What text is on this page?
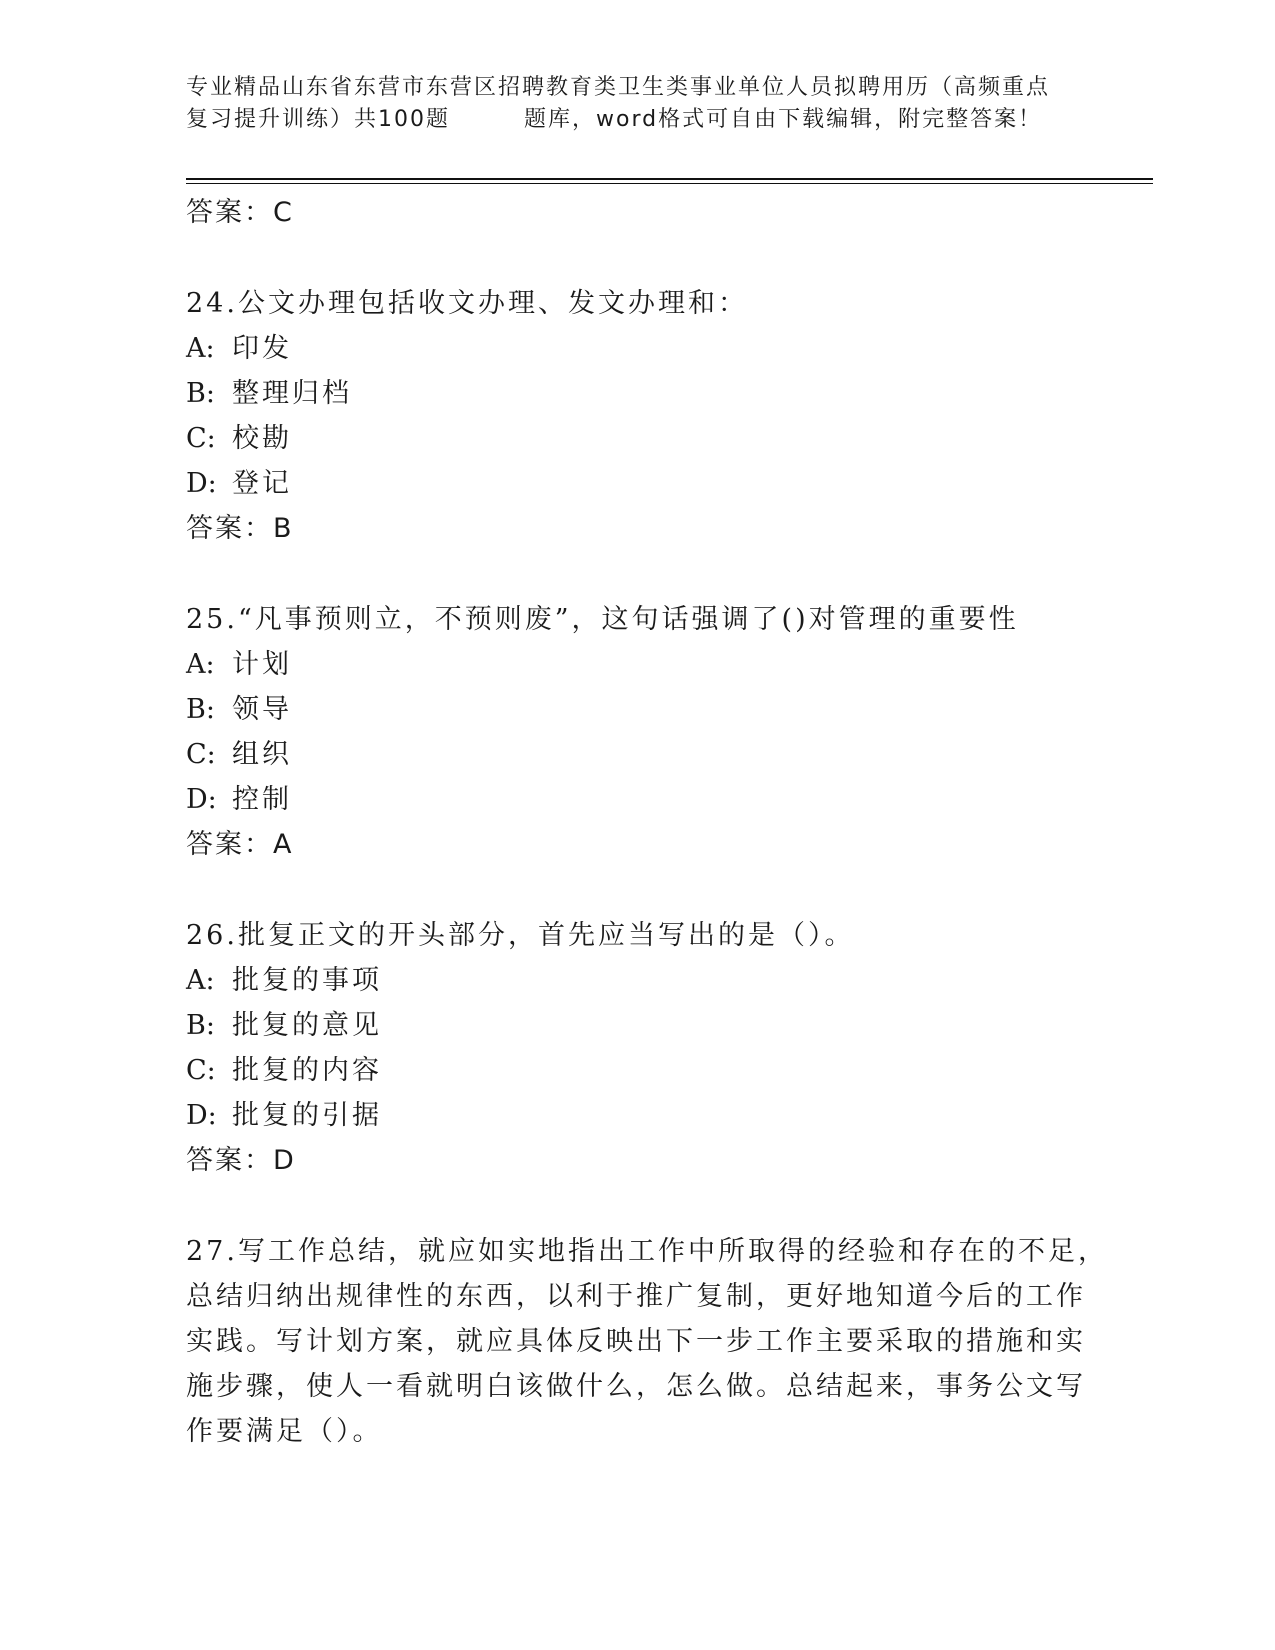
专业精品山东省东营市东营区招聘教育类卫生类事业单位人员拟聘用历（高频重点
复习提升训练）共100题	题库，word格式可自由下载编辑，附完整答案！
答案：C
24.公文办理包括收文办理、发文办理和：
A: 印发
B: 整理归档
C: 校勘
D: 登记
答案：B
25.“凡事预则立，不预则废”，这句话强调了()对管理的重要性
A: 计划
B: 领导
C: 组织
D: 控制
答案：A
26.批复正文的开头部分，首先应当写出的是（）。
A: 批复的事项
B: 批复的意见
C: 批复的内容
D: 批复的引据
答案：D
27.写工作总结，就应如实地指出工作中所取得的经验和存在的不足，
总结归纳出规律性的东西，以利于推广复制，更好地知道今后的工作
实践。写计划方案，就应具体反映出下一步工作主要采取的措施和实
施步骤，使人一看就明白该做什么，怎么做。总结起来，事务公文写
作要满足（）。
